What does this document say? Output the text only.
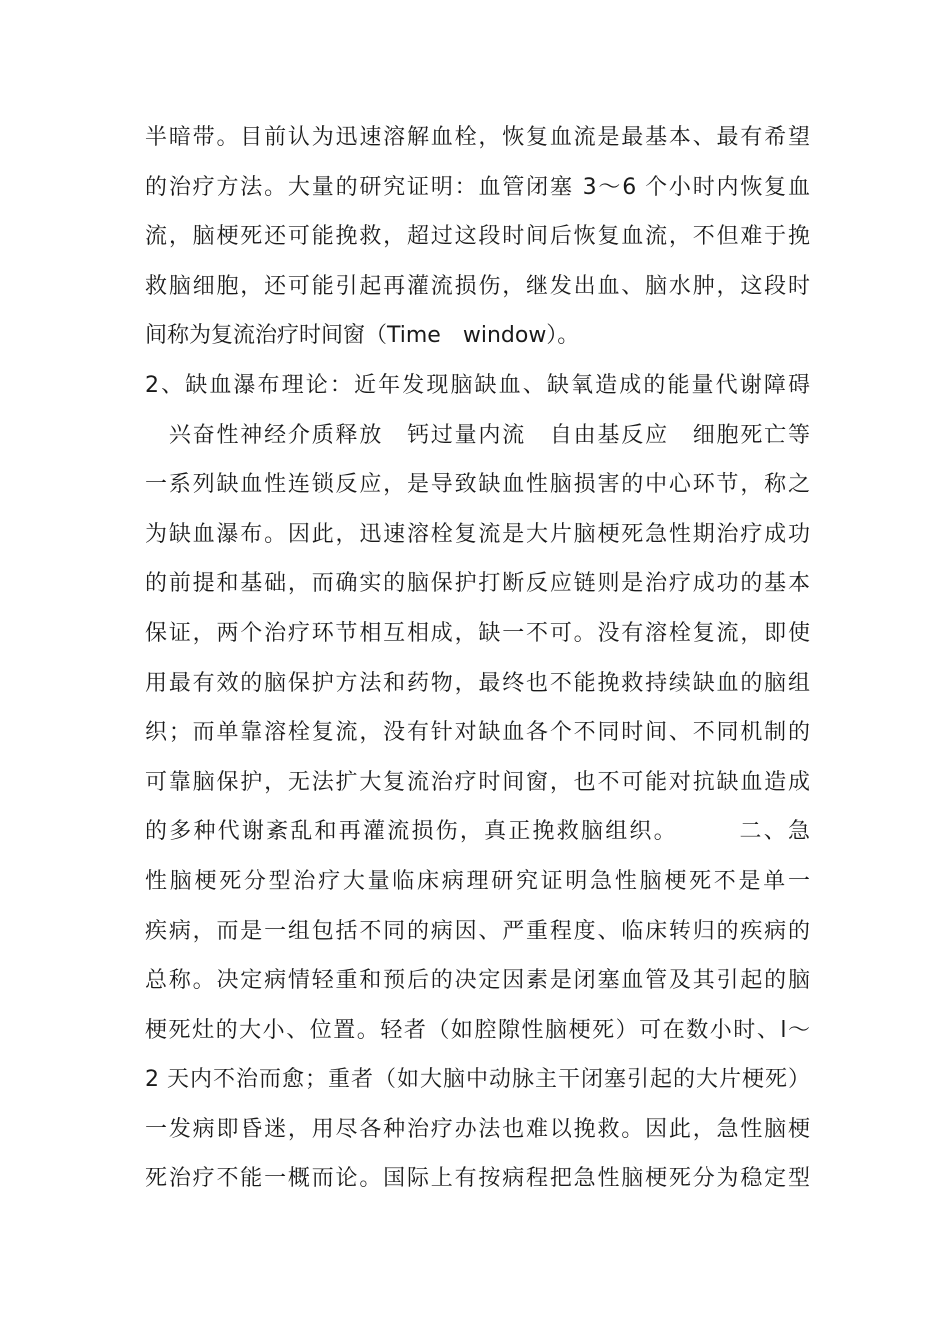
半暗带。目前认为迅速溶解血栓，恢复血流是最基本、最有希望
的治疗方法。大量的研究证明：血管闭塞 3～6 个小时内恢复血
流，脑梗死还可能挽救，超过这段时间后恢复血流，不但难于挽
救脑细胞，还可能引起再灌流损伤，继发出血、脑水肿，这段时
间称为复流治疗时间窗（Time　window）。
2、缺血瀑布理论：近年发现脑缺血、缺氧造成的能量代谢障碍
　兴奋性神经介质释放　钙过量内流　自由基反应　细胞死亡等
一系列缺血性连锁反应，是导致缺血性脑损害的中心环节，称之
为缺血瀑布。因此，迅速溶栓复流是大片脑梗死急性期治疗成功
的前提和基础，而确实的脑保护打断反应链则是治疗成功的基本
保证，两个治疗环节相互相成，缺一不可。没有溶栓复流，即使
用最有效的脑保护方法和药物，最终也不能挽救持续缺血的脑组
织；而单靠溶栓复流，没有针对缺血各个不同时间、不同机制的
可靠脑保护，无法扩大复流治疗时间窗，也不可能对抗缺血造成
的多种代谢紊乱和再灌流损伤，真正挽救脑组织。　　　二、急
性脑梗死分型治疗大量临床病理研究证明急性脑梗死不是单一
疾病，而是一组包括不同的病因、严重程度、临床转归的疾病的
总称。决定病情轻重和预后的决定因素是闭塞血管及其引起的脑
梗死灶的大小、位置。轻者（如腔隙性脑梗死）可在数小时、l～
2 天内不治而愈；重者（如大脑中动脉主干闭塞引起的大片梗死）
一发病即昏迷，用尽各种治疗办法也难以挽救。因此，急性脑梗
死治疗不能一概而论。国际上有按病程把急性脑梗死分为稳定型
